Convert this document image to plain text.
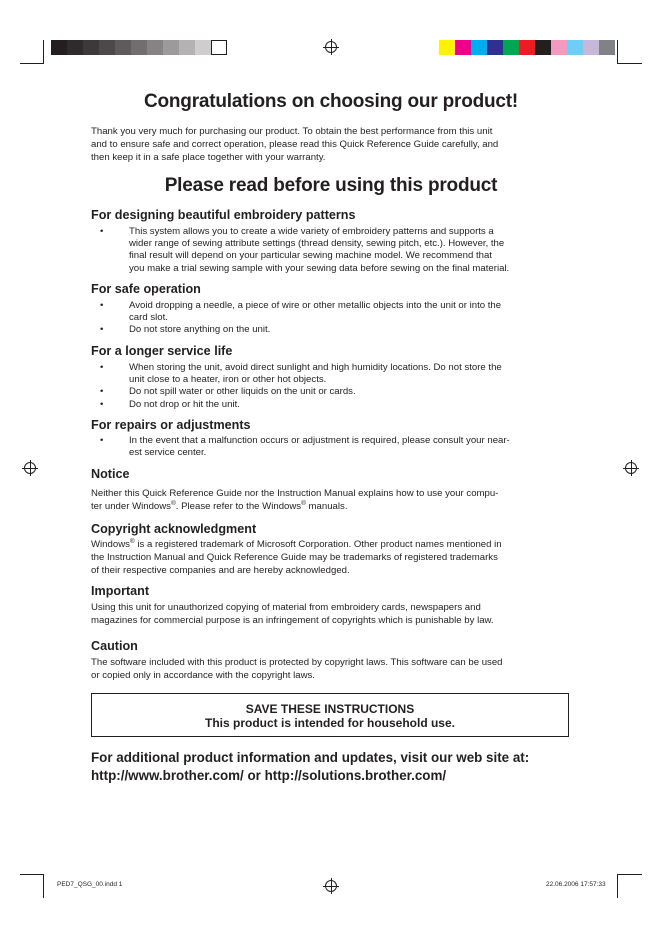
Congratulations on choosing our product!
Thank you very much for purchasing our product. To obtain the best performance from this unit
and to ensure safe and correct operation, please read this Quick Reference Guide carefully, and
then keep it in a safe place together with your warranty.
Please read before using this product
For designing beautiful embroidery patterns
• This system allows you to create a wide variety of embroidery patterns and supports a
wider range of sewing attribute settings (thread density, sewing pitch, etc.). However, the
final result will depend on your particular sewing machine model. We recommend that
you make a trial sewing sample with your sewing data before sewing on the final material.
For safe operation
• Avoid dropping a needle, a piece of wire or other metallic objects into the unit or into the
card slot.
• Do not store anything on the unit.
For a longer service life
• When storing the unit, avoid direct sunlight and high humidity locations. Do not store the
unit close to a heater, iron or other hot objects.
• Do not spill water or other liquids on the unit or cards.
• Do not drop or hit the unit.
For repairs or adjustments
• In the event that a malfunction occurs or adjustment is required, please consult your near-
est service center.
Notice
Neither this Quick Reference Guide nor the Instruction Manual explains how to use your compu-
ter under Windows®. Please refer to the Windows® manuals.
Copyright acknowledgment
Windows® is a registered trademark of Microsoft Corporation. Other product names mentioned in
the Instruction Manual and Quick Reference Guide may be trademarks of registered trademarks
of their respective companies and are hereby acknowledged.
Important
Using this unit for unauthorized copying of material from embroidery cards, newspapers and
magazines for commercial purpose is an infringement of copyrights which is punishable by law.
Caution
The software included with this product is protected by copyright laws. This software can be used
or copied only in accordance with the copyright laws.
SAVE THESE INSTRUCTIONS
This product is intended for household use.
For additional product information and updates, visit our web site at:
http://www.brother.com/ or http://solutions.brother.com/
PED7_QSG_00.indd 1	22.06.2006 17:57:33
